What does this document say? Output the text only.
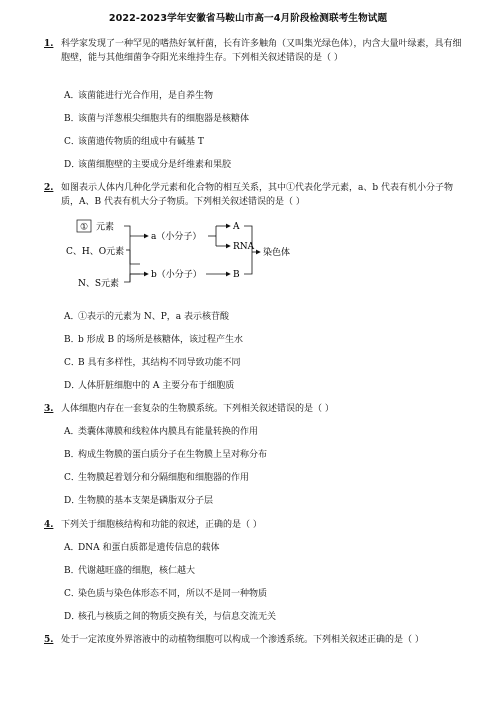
2022-2023学年安徽省马鞍山市高一4月阶段检测联考生物试题
1. 科学家发现了一种罕见的嗜热好氧杆菌，长有许多触角（又叫集光绿色体），内含大量叶绿素，具有细胞壁，能与其他细菌争夺阳光来维持生存。下列相关叙述错误的是（ ）
A．该菌能进行光合作用，是自养生物
B．该菌与洋葱根尖细胞共有的细胞器是核糖体
C．该菌遗传物质的组成中有碱基 T
D．该菌细胞壁的主要成分是纤维素和果胶
2. 如图表示人体内几种化学元素和化合物的相互关系，其中①代表化学元素，a、b 代表有机小分子物质，A、B 代表有机大分子物质。下列相关叙述错误的是（ ）
① 元素
C、H、O元素
N、S元素
a（小分子）
b（小分子）
A
RNA
B
染色体
A．①表示的元素为 N、P，a 表示核苷酸
B．b 形成 B 的场所是核糖体，该过程产生水
C．B 具有多样性，其结构不同导致功能不同
D．人体肝脏细胞中的 A 主要分布于细胞质
3. 人体细胞内存在一套复杂的生物膜系统。下列相关叙述错误的是（ ）
A．类囊体薄膜和线粒体内膜具有能量转换的作用
B．构成生物膜的蛋白质分子在生物膜上呈对称分布
C．生物膜起着划分和分隔细胞和细胞器的作用
D．生物膜的基本支架是磷脂双分子层
4. 下列关于细胞核结构和功能的叙述，正确的是（ ）
A．DNA 和蛋白质都是遗传信息的载体
B．代谢越旺盛的细胞，核仁越大
C．染色质与染色体形态不同，所以不是同一种物质
D．核孔与核质之间的物质交换有关，与信息交流无关
5. 处于一定浓度外界溶液中的动植物细胞可以构成一个渗透系统。下列相关叙述正确的是（ ）
